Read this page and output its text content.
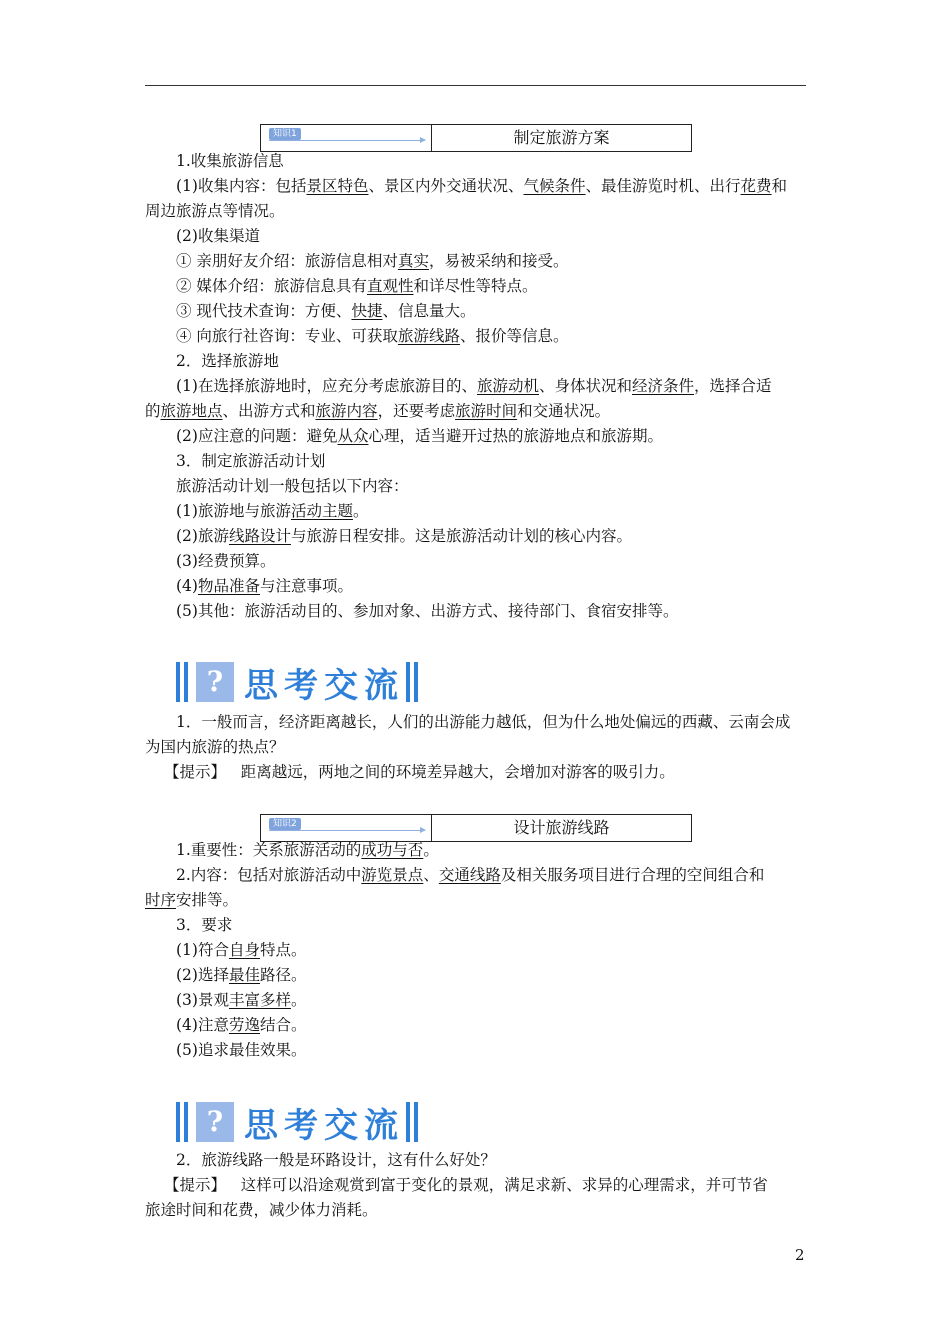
知识1	制定旅游方案
1.收集旅游信息
(1)收集内容：包括景区特色、景区内外交通状况、气候条件、最佳游览时机、出行花费和
周边旅游点等情况。
(2)收集渠道
① 亲朋好友介绍：旅游信息相对真实，易被采纳和接受。
② 媒体介绍：旅游信息具有直观性和详尽性等特点。
③ 现代技术查询：方便、快捷、信息量大。
④ 向旅行社咨询：专业、可获取旅游线路、报价等信息。
2．选择旅游地
(1)在选择旅游地时，应充分考虑旅游目的、旅游动机、身体状况和经济条件，选择合适
的旅游地点、出游方式和旅游内容，还要考虑旅游时间和交通状况。
(2)应注意的问题：避免从众心理，适当避开过热的旅游地点和旅游期。
3．制定旅游活动计划
旅游活动计划一般包括以下内容：
(1)旅游地与旅游活动主题。
(2)旅游线路设计与旅游日程安排。这是旅游活动计划的核心内容。
(3)经费预算。
(4)物品准备与注意事项。
(5)其他：旅游活动目的、参加对象、出游方式、接待部门、食宿安排等。
? 思考交流
1．一般而言，经济距离越长，人们的出游能力越低，但为什么地处偏远的西藏、云南会成
为国内旅游的热点？
【提示】 距离越远，两地之间的环境差异越大，会增加对游客的吸引力。
知识2	设计旅游线路
1.重要性：关系旅游活动的成功与否。
2.内容：包括对旅游活动中游览景点、交通线路及相关服务项目进行合理的空间组合和
时序安排等。
3．要求
(1)符合自身特点。
(2)选择最佳路径。
(3)景观丰富多样。
(4)注意劳逸结合。
(5)追求最佳效果。
? 思考交流
2．旅游线路一般是环路设计，这有什么好处？
【提示】 这样可以沿途观赏到富于变化的景观，满足求新、求异的心理需求，并可节省
旅途时间和花费，减少体力消耗。
2
